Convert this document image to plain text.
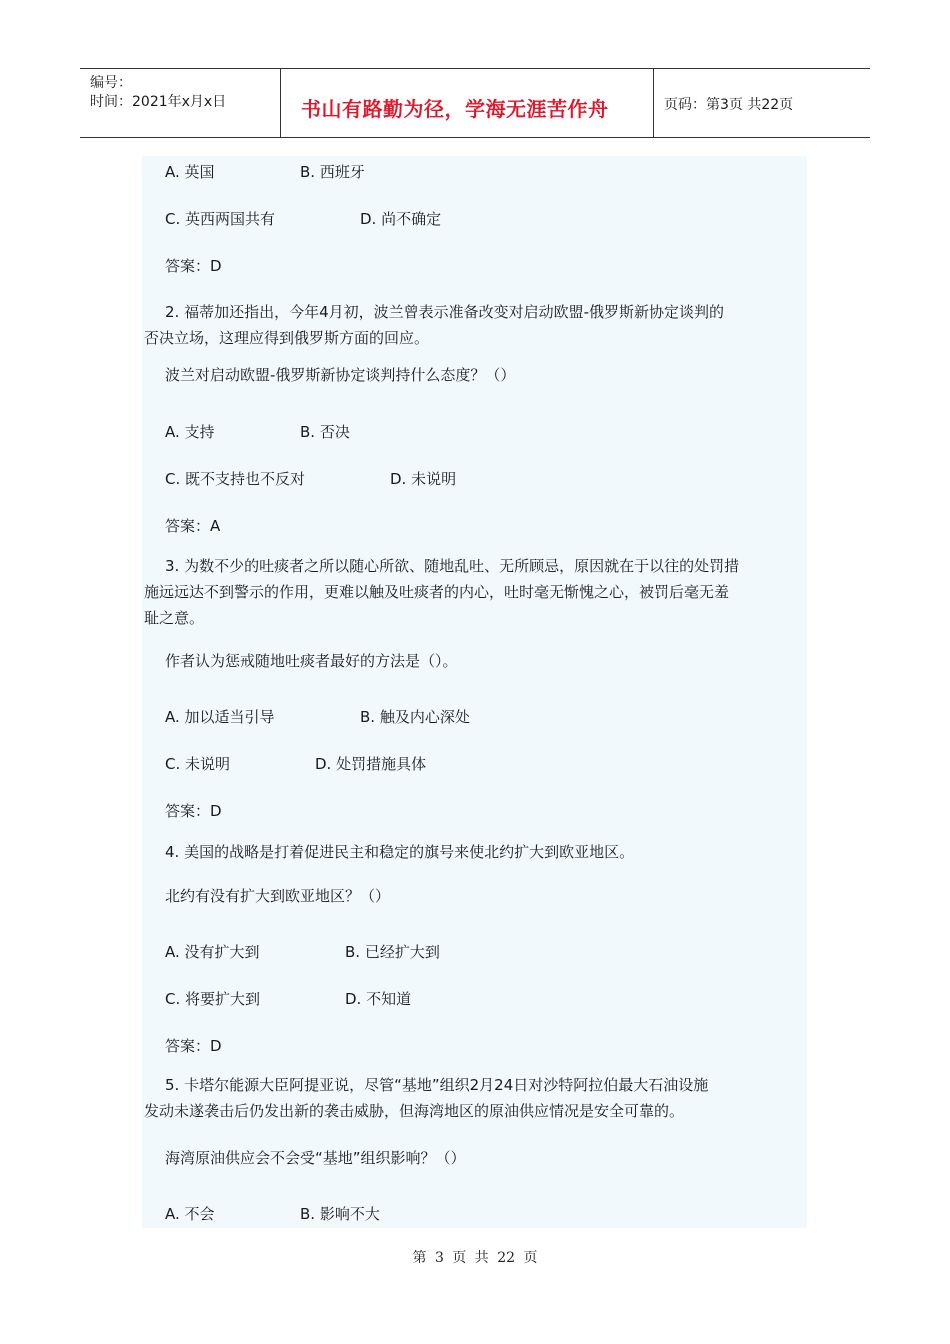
编号：
时间：2021年x月x日	书山有路勤为径，学海无涯苦作舟	页码：第3页 共22页
A. 英国	B. 西班牙
C. 英西两国共有	D. 尚不确定
答案：D
2. 福蒂加还指出，今年4月初，波兰曾表示准备改变对启动欧盟-俄罗斯新协定谈判的
否决立场，这理应得到俄罗斯方面的回应。
波兰对启动欧盟-俄罗斯新协定谈判持什么态度？（）
A. 支持	B. 否决
C. 既不支持也不反对	D. 未说明
答案：A
3. 为数不少的吐痰者之所以随心所欲、随地乱吐、无所顾忌，原因就在于以往的处罚措
施远远达不到警示的作用，更难以触及吐痰者的内心，吐时毫无惭愧之心，被罚后毫无羞
耻之意。
作者认为惩戒随地吐痰者最好的方法是（）。
A. 加以适当引导	B. 触及内心深处
C. 未说明	D. 处罚措施具体
答案：D
4. 美国的战略是打着促进民主和稳定的旗号来使北约扩大到欧亚地区。
北约有没有扩大到欧亚地区？（）
A. 没有扩大到	B. 已经扩大到
C. 将要扩大到	D. 不知道
答案：D
5. 卡塔尔能源大臣阿提亚说，尽管“基地”组织2月24日对沙特阿拉伯最大石油设施
发动未遂袭击后仍发出新的袭击威胁，但海湾地区的原油供应情况是安全可靠的。
海湾原油供应会不会受“基地”组织影响？（）
A. 不会	B. 影响不大
第 3 页 共 22 页
